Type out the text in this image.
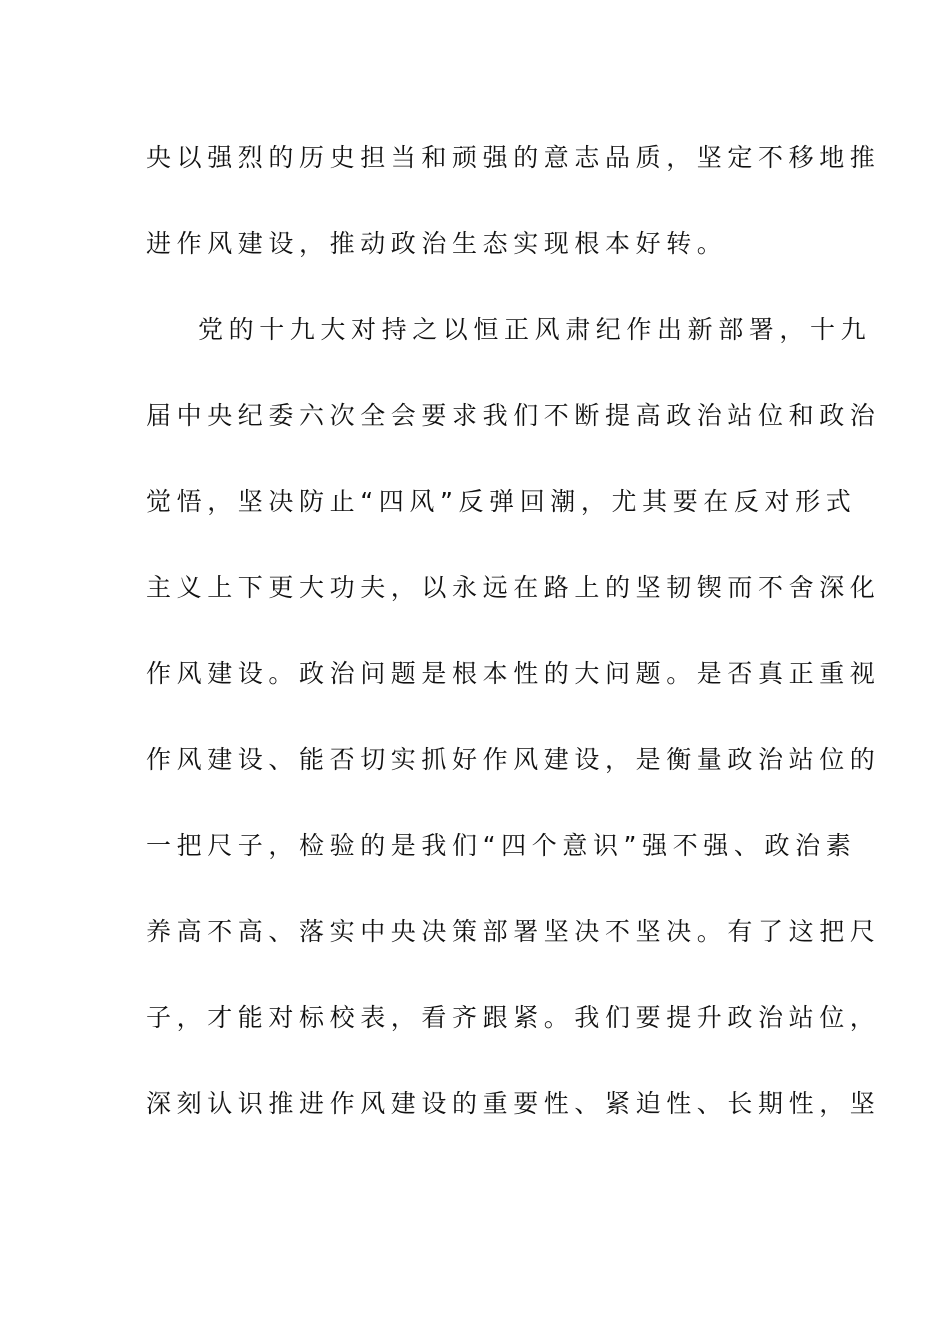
央以强烈的历史担当和顽强的意志品质，坚定不移地推
进作风建设，推动政治生态实现根本好转。
党的十九大对持之以恒正风肃纪作出新部署，十九
届中央纪委六次全会要求我们不断提高政治站位和政治
觉悟，坚决防止“四风”反弹回潮，尤其要在反对形式
主义上下更大功夫，以永远在路上的坚韧锲而不舍深化
作风建设。政治问题是根本性的大问题。是否真正重视
作风建设、能否切实抓好作风建设，是衡量政治站位的
一把尺子，检验的是我们“四个意识”强不强、政治素
养高不高、落实中央决策部署坚决不坚决。有了这把尺
子，才能对标校表，看齐跟紧。我们要提升政治站位，
深刻认识推进作风建设的重要性、紧迫性、长期性，坚
